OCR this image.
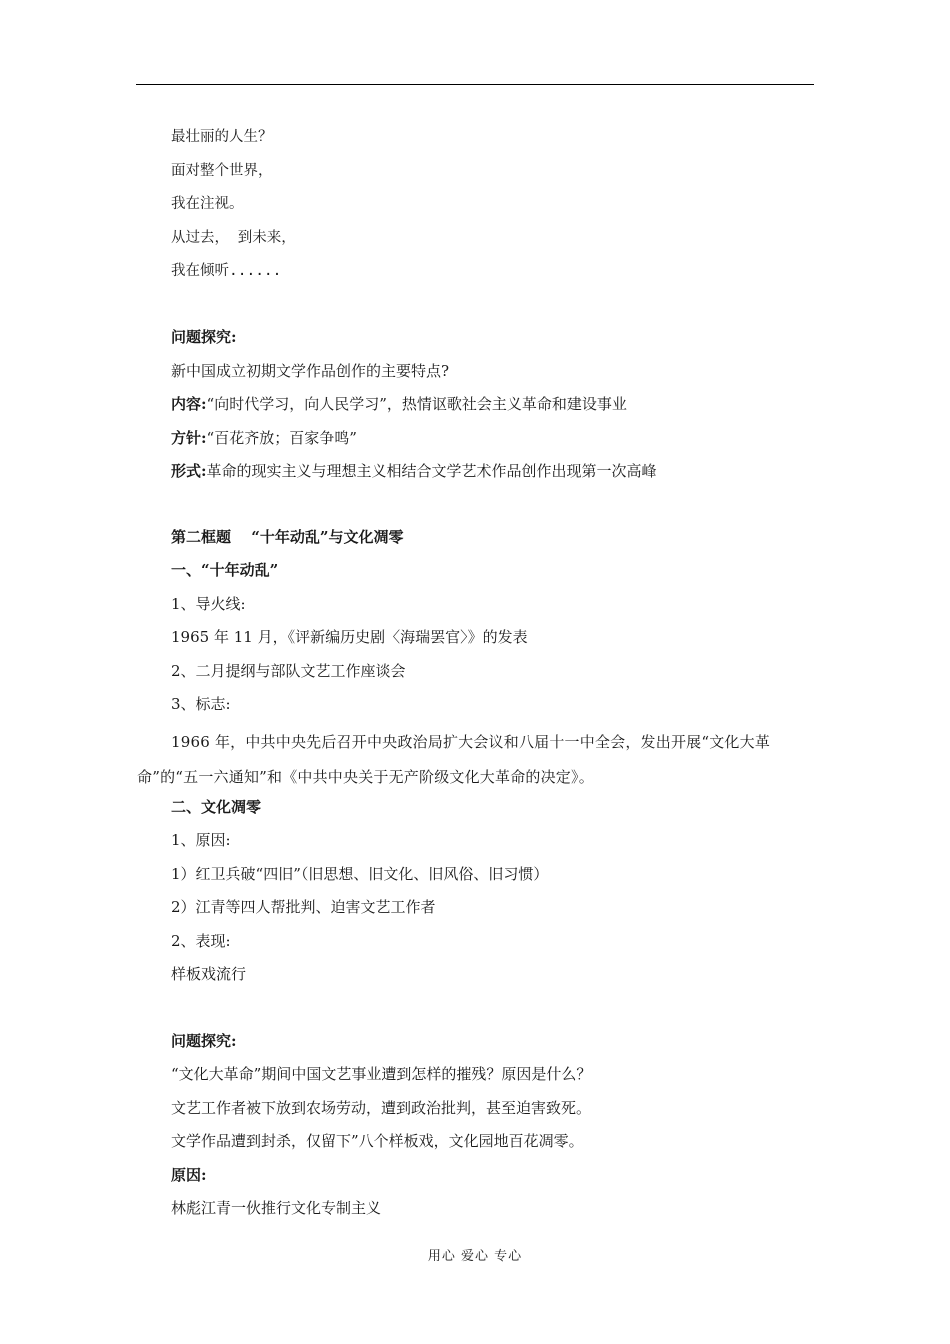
最壮丽的人生？
面对整个世界，
我在注视。
从过去， 到未来，
我在倾听......
问题探究:
新中国成立初期文学作品创作的主要特点?
内容:“向时代学习，向人民学习”，热情讴歌社会主义革命和建设事业
方针:“百花齐放；百家争鸣”
形式:革命的现实主义与理想主义相结合文学艺术作品创作出现第一次高峰
第二框题　 “十年动乱”与文化凋零
一、“十年动乱”
1、导火线:
1965 年 11 月，《评新编历史剧〈海瑞罢官〉》的发表
2、二月提纲与部队文艺工作座谈会
3、标志:
1966 年，中共中央先后召开中央政治局扩大会议和八届十一中全会，发出开展“文化大革命”的“五一六通知”和《中共中央关于无产阶级文化大革命的决定》。
二、文化凋零
1、原因:
1）红卫兵破“四旧”（旧思想、旧文化、旧风俗、旧习惯）
2）江青等四人帮批判、迫害文艺工作者
2、表现:
样板戏流行
问题探究:
“文化大革命”期间中国文艺事业遭到怎样的摧残？原因是什么？
文艺工作者被下放到农场劳动，遭到政治批判，甚至迫害致死。
文学作品遭到封杀，仅留下”八个样板戏，文化园地百花凋零。
原因:
林彪江青一伙推行文化专制主义
用心 爱心 专心
